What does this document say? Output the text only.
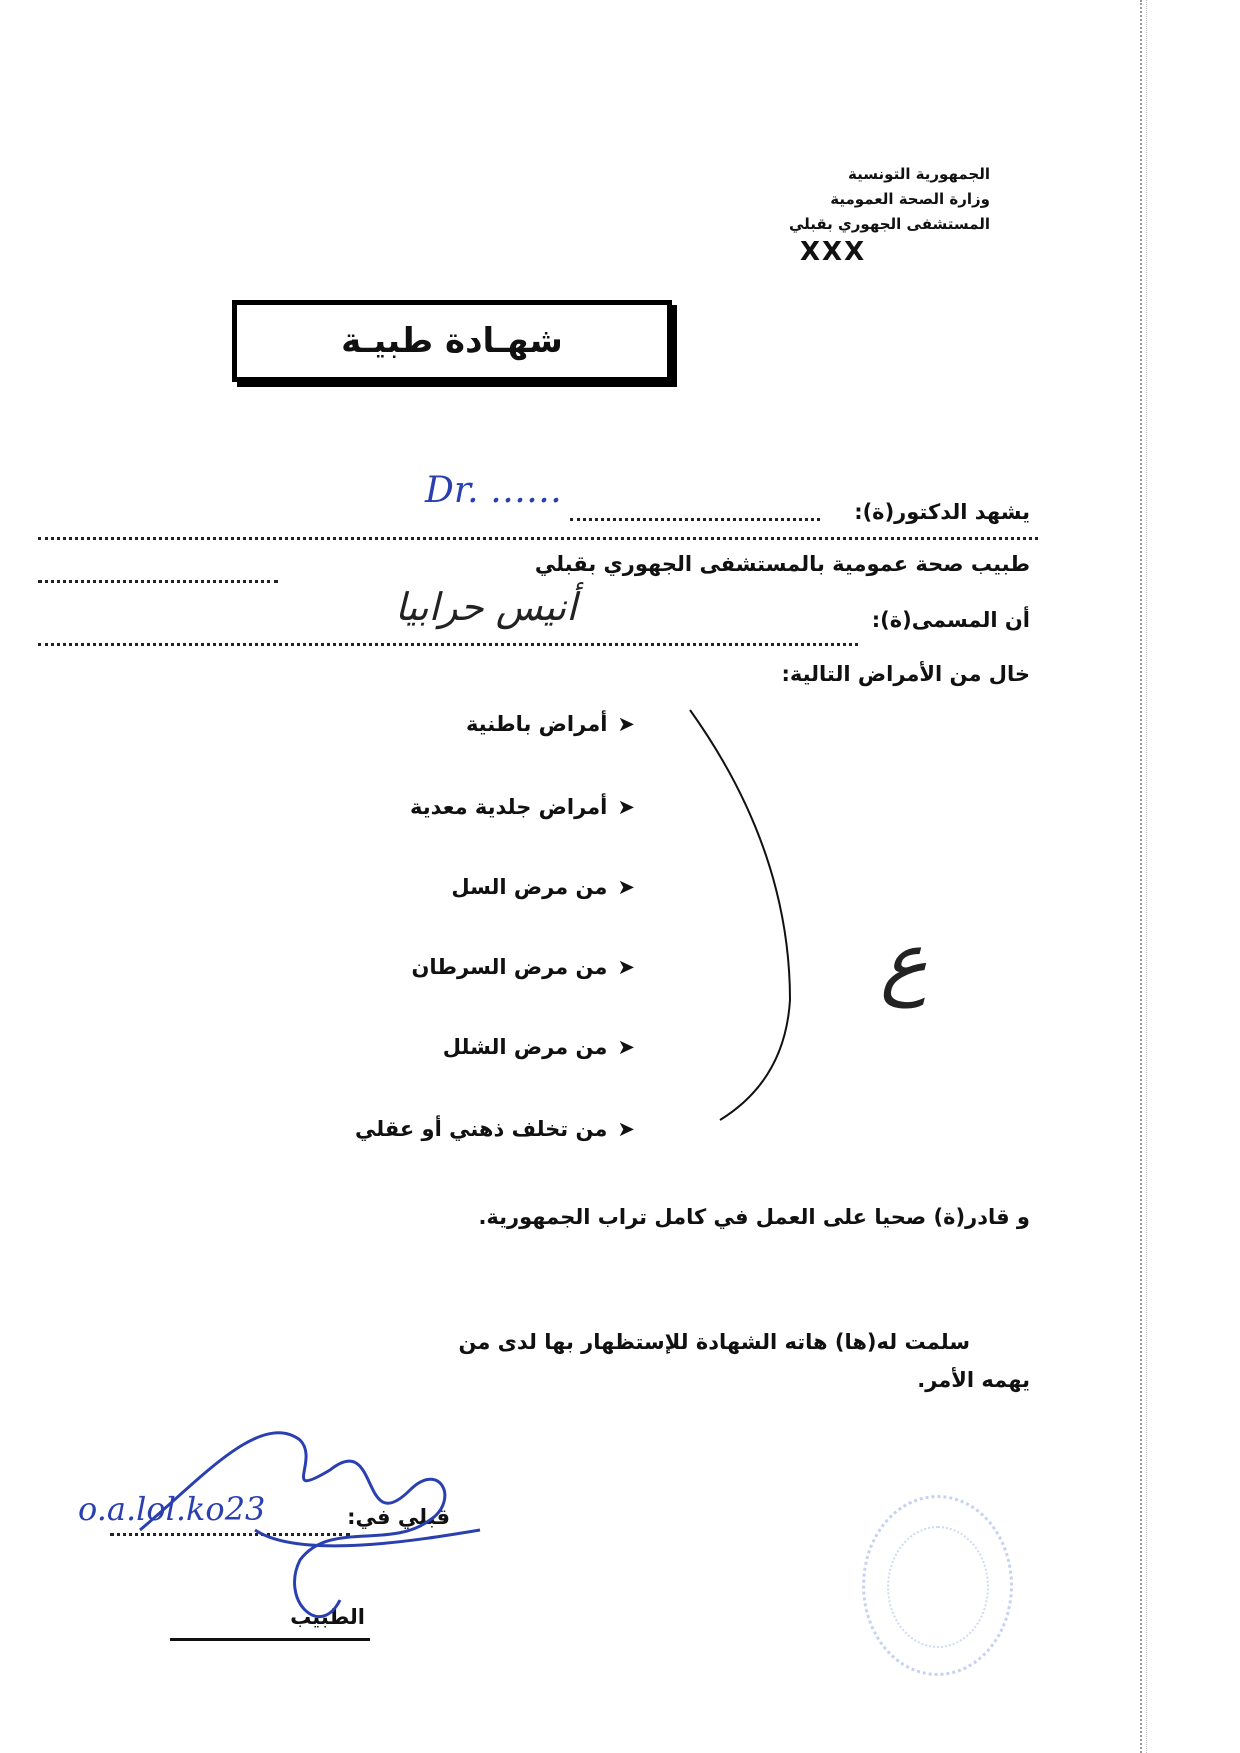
الجمهورية التونسية
وزارة الصحة العمومية
المستشفى الجهوري بقبلي
XXX
شهـادة طبيـة
يشهد الدكتور(ة):
Dr. ……
طبيب صحة عمومية بالمستشفى الجهوري بقبلي
أن المسمى(ة):
أنيس حرابيا
خال من الأمراض التالية:
➤أمراض باطنية
➤أمراض جلدية معدية
➤من مرض السل
➤من مرض السرطان
➤من مرض الشلل
➤من تخلف ذهني أو عقلي
ع
و قادر(ة) صحيا على العمل في كامل تراب الجمهورية.
سلمت له(ها) هاته الشهادة للإستظهار بها لدى من
يهمه الأمر.
قبلي في:
o.a.lol.ko23
الطبيب
